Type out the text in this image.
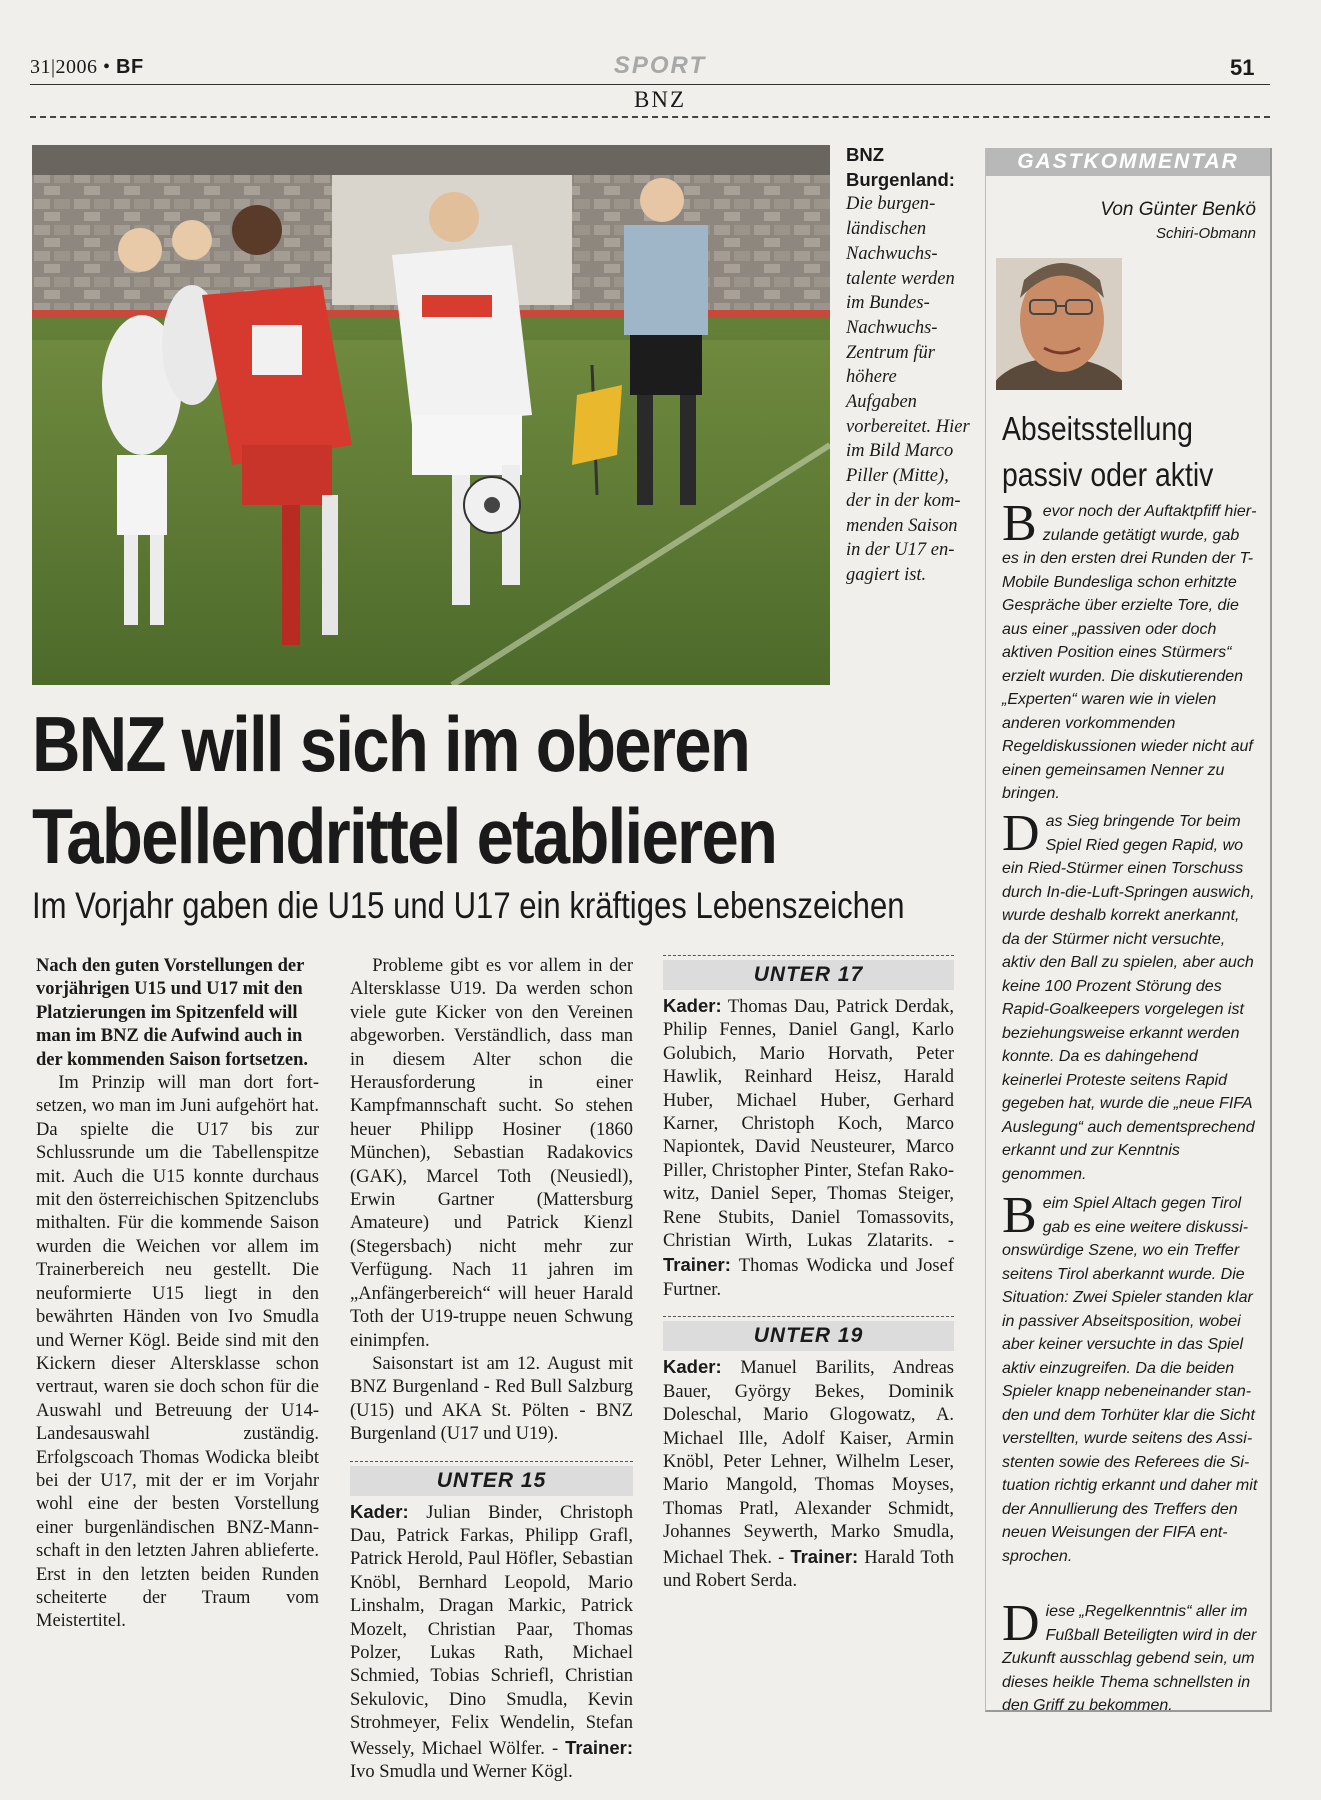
31|2006 • BF	SPORT	51
BNZ
BNZ Burgenland:
Die burgenländischen Nachwuchstalente werden im Bundes-Nachwuchs-Zentrum für höhere Aufgaben vorbereitet. Hier im Bild Marco Piller (Mitte), der in der kommenden Saison in der U17 engagiert ist.
BNZ will sich im oberen
Tabellendrittel etablieren
Im Vorjahr gaben die U15 und U17 ein kräftiges Lebenszeichen

Nach den guten Vorstellungen der vorjährigen U15 und U17 mit den Platzierungen im Spitzenfeld will man im BNZ die Aufwind auch in der kommenden Saison fortsetzen.

Im Prinzip will man dort fortsetzen, wo man im Juni aufgehört hat. Da spielte die U17 bis zur Schlussrunde um die Tabellenspitze mit. Auch die U15 konnte durchaus mit den österreichischen Spitzenclubs mithalten. Für die kommende Saison wurden die Weichen vor allem im Trainerbereich neu gestellt. Die neuformierte U15 liegt in den bewährten Händen von Ivo Smudla und Werner Kögl. Beide sind mit den Kickern dieser Altersklasse schon vertraut, waren sie doch schon für die Auswahl und Betreuung der U14-Landesauswahl zuständig. Erfolgscoach Thomas Wodicka bleibt bei der U17, mit der er im Vorjahr wohl eine der besten Vorstellung einer burgenländischen BNZ-Mannschaft in den letzten Jahren ablieferte. Erst in den letzten beiden Runden scheiterte der Traum vom Meistertitel.

Probleme gibt es vor allem in der Altersklasse U19. Da werden schon viele gute Kicker von den Vereinen abgeworben. Verständlich, dass man in diesem Alter schon die Herausforderung in einer Kampfmannschaft sucht. So stehen heuer Philipp Hosiner (1860 München), Sebastian Radakovics (GAK), Marcel Toth (Neusiedl), Erwin Gartner (Mattersburg Amateure) und Patrick Kienzl (Stegersbach) nicht mehr zur Verfügung. Nach 11 jahren im „Anfängerbereich“ will heuer Harald Toth der U19-truppe neuen Schwung einimpfen.

Saisonstart ist am 12. August mit BNZ Burgenland - Red Bull Salzburg (U15) und AKA St. Pölten - BNZ Burgenland (U17 und U19).

UNTER 15

Kader: Julian Binder, Christoph Dau, Patrick Farkas, Philipp Grafl, Patrick Herold, Paul Höfler, Sebastian Knöbl, Bernhard Leopold, Mario Linshalm, Dragan Markic, Patrick Mozelt, Christian Paar, Thomas Polzer, Lukas Rath, Michael Schmied, Tobias Schriefl, Christian Sekulovic, Dino Smudla, Kevin Strohmeyer, Felix Wendelin, Stefan Wessely, Michael Wölfer. - Trainer: Ivo Smudla und Werner Kögl.

UNTER 17

Kader: Thomas Dau, Patrick Derdak, Philip Fennes, Daniel Gangl, Karlo Golubich, Mario Horvath, Peter Hawlik, Reinhard Heisz, Harald Huber, Michael Huber, Gerhard Karner, Christoph Koch, Marco Napiontek, David Neusteurer, Marco Piller, Christopher Pinter, Stefan Rakowitz, Daniel Seper, Thomas Steiger, Rene Stubits, Daniel Tomassovits, Christian Wirth, Lukas Zlatarits. - Trainer: Thomas Wodicka und Josef Furtner.

UNTER 19

Kader: Manuel Barilits, Andreas Bauer, György Bekes, Dominik Doleschal, Mario Glogowatz, A. Michael Ille, Adolf Kaiser, Armin Knöbl, Peter Lehner, Wilhelm Leser, Mario Mangold, Thomas Moyses, Thomas Pratl, Alexander Schmidt, Johannes Seywerth, Marko Smudla, Michael Thek. - Trainer: Harald Toth und Robert Serda.

GASTKOMMENTAR
Von Günter Benkö
Schiri-Obmann
Abseitsstellung
passiv oder aktiv
Bevor noch der Auftaktpfiff hierzulande getätigt wurde, gab es in den ersten drei Runden der T-Mobile Bundesliga schon erhitzte Gespräche über erzielte Tore, die aus einer „passiven oder doch aktiven Position eines Stürmers“ erzielt wurden. Die diskutierenden „Experten“ waren wie in vielen anderen vorkommenden Regeldiskussionen wieder nicht auf einen gemeinsamen Nenner zu bringen.
Das Sieg bringende Tor beim Spiel Ried gegen Rapid, wo ein Ried-Stürmer einen Torschuss durch In-die-Luft-Springen auswich, wurde deshalb korrekt anerkannt, da der Stürmer nicht versuchte, aktiv den Ball zu spielen, aber auch keine 100 Prozent Störung des Rapid-Goalkeepers vorgelegen ist beziehungsweise erkannt werden konnte. Da es dahingehend keinerlei Proteste seitens Rapid gegeben hat, wurde die „neue FIFA Auslegung“ auch dementsprechend erkannt und zur Kenntnis genommen.
Beim Spiel Altach gegen Tirol gab es eine weitere diskussionswürdige Szene, wo ein Treffer seitens Tirol aberkannt wurde. Die Situation: Zwei Spieler standen klar in passiver Abseitsposition, wobei aber keiner versuchte in das Spiel aktiv einzugreifen. Da die beiden Spieler knapp nebeneinander standen und dem Torhüter klar die Sicht verstellten, wurde seitens des Assistenten sowie des Referees die Situation richtig erkannt und daher mit der Annullierung des Treffers den neuen Weisungen der FIFA entsprochen.
Diese „Regelkenntnis“ aller im Fußball Beteiligten wird in der Zukunft ausschlag gebend sein, um dieses heikle Thema schnellsten in den Griff zu bekommen.
